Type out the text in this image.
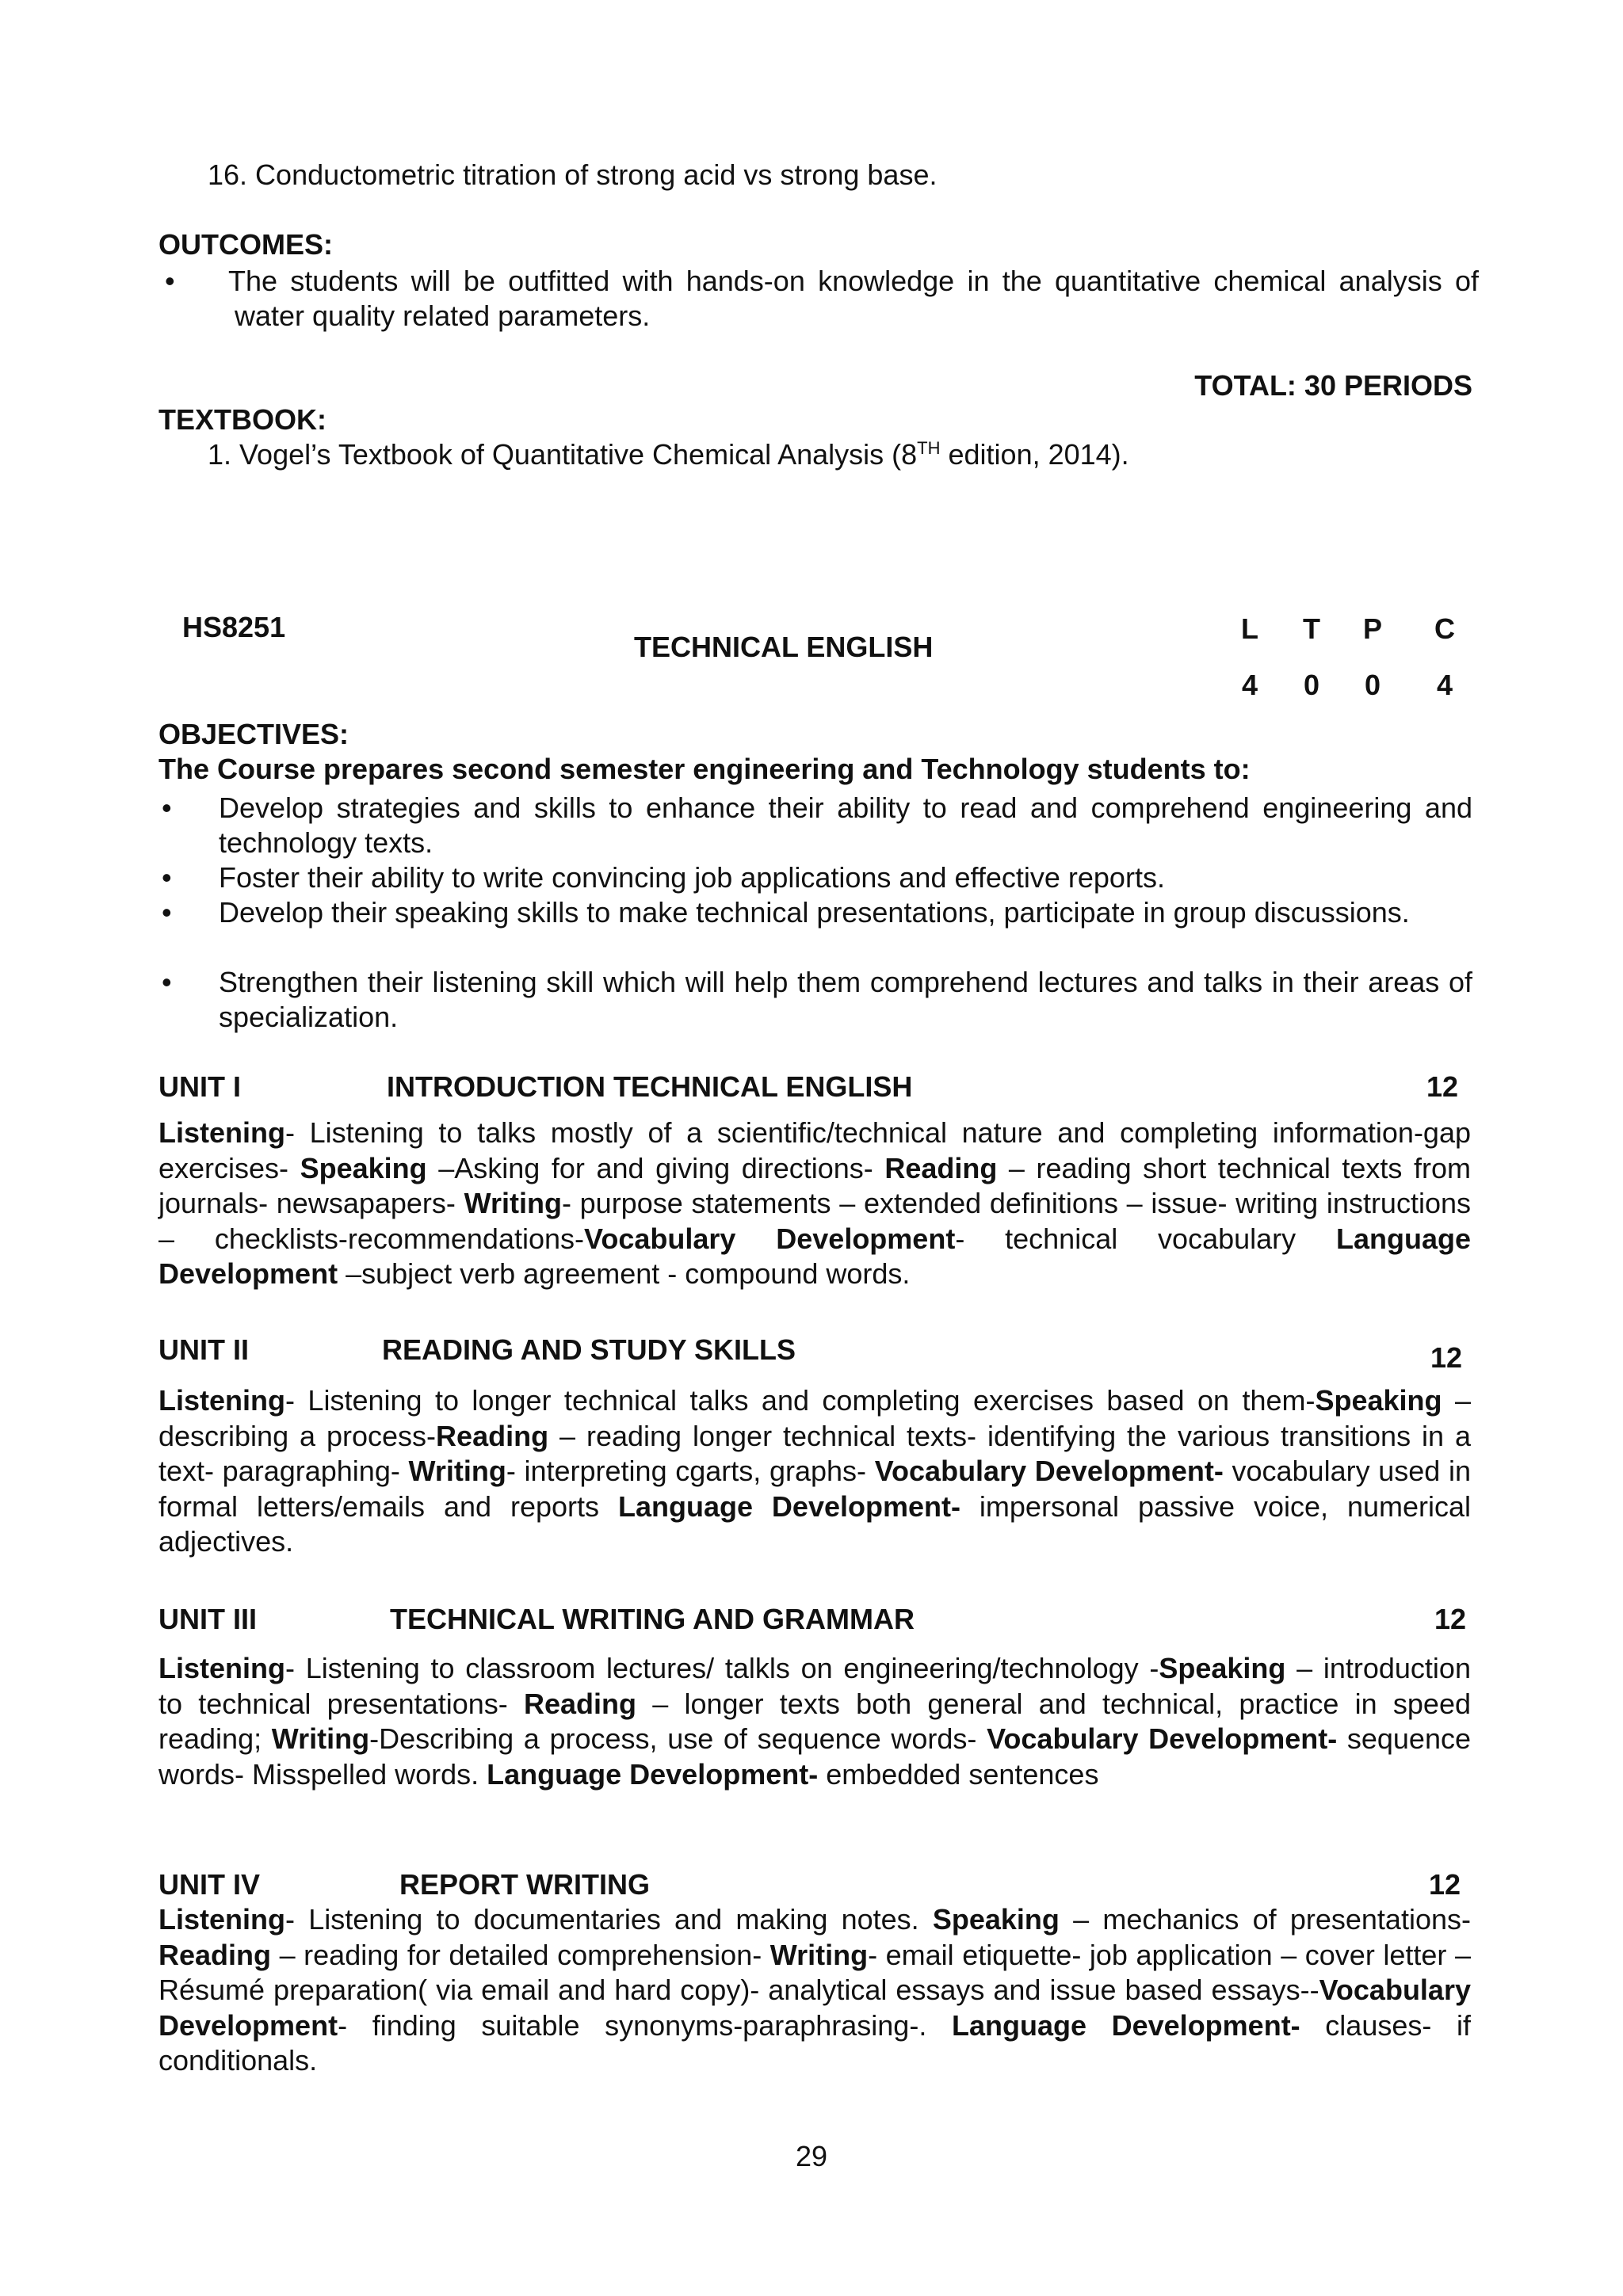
16. Conductometric titration of strong acid vs strong base.
OUTCOMES:
• The students will be outfitted with hands-on knowledge in the quantitative chemical analysis of water quality related parameters.
TOTAL: 30 PERIODS
TEXTBOOK:
1. Vogel’s Textbook of Quantitative Chemical Analysis (8TH edition, 2014).
HS8251
TECHNICAL ENGLISH
L T P C
4 0 0 4
OBJECTIVES:
The Course prepares second semester engineering and Technology students to:
• Develop strategies and skills to enhance their ability to read and comprehend engineering and technology texts.
• Foster their ability to write convincing job applications and effective reports.
• Develop their speaking skills to make technical presentations, participate in group discussions.
• Strengthen their listening skill which will help them comprehend lectures and talks in their areas of specialization.
UNIT I	INTRODUCTION TECHNICAL ENGLISH	12
Listening- Listening to talks mostly of a scientific/technical nature and completing information-gap exercises- Speaking –Asking for and giving directions- Reading – reading short technical texts from journals- newsapapers- Writing- purpose statements – extended definitions – issue- writing instructions – checklists-recommendations-Vocabulary Development- technical vocabulary Language Development –subject verb agreement - compound words.
UNIT II	READING AND STUDY SKILLS	12
Listening- Listening to longer technical talks and completing exercises based on them-Speaking – describing a process-Reading – reading longer technical texts- identifying the various transitions in a text- paragraphing- Writing- interpreting cgarts, graphs- Vocabulary Development- vocabulary used in formal letters/emails and reports Language Development- impersonal passive voice, numerical adjectives.
UNIT III	TECHNICAL WRITING AND GRAMMAR	12
Listening- Listening to classroom lectures/ talkls on engineering/technology -Speaking – introduction to technical presentations- Reading – longer texts both general and technical, practice in speed reading; Writing-Describing a process, use of sequence words- Vocabulary Development- sequence words- Misspelled words. Language Development- embedded sentences
UNIT IV	REPORT WRITING	12
Listening- Listening to documentaries and making notes. Speaking – mechanics of presentations- Reading – reading for detailed comprehension- Writing- email etiquette- job application – cover letter –Résumé preparation( via email and hard copy)- analytical essays and issue based essays--Vocabulary Development- finding suitable synonyms-paraphrasing-. Language Development- clauses- if conditionals.
29
